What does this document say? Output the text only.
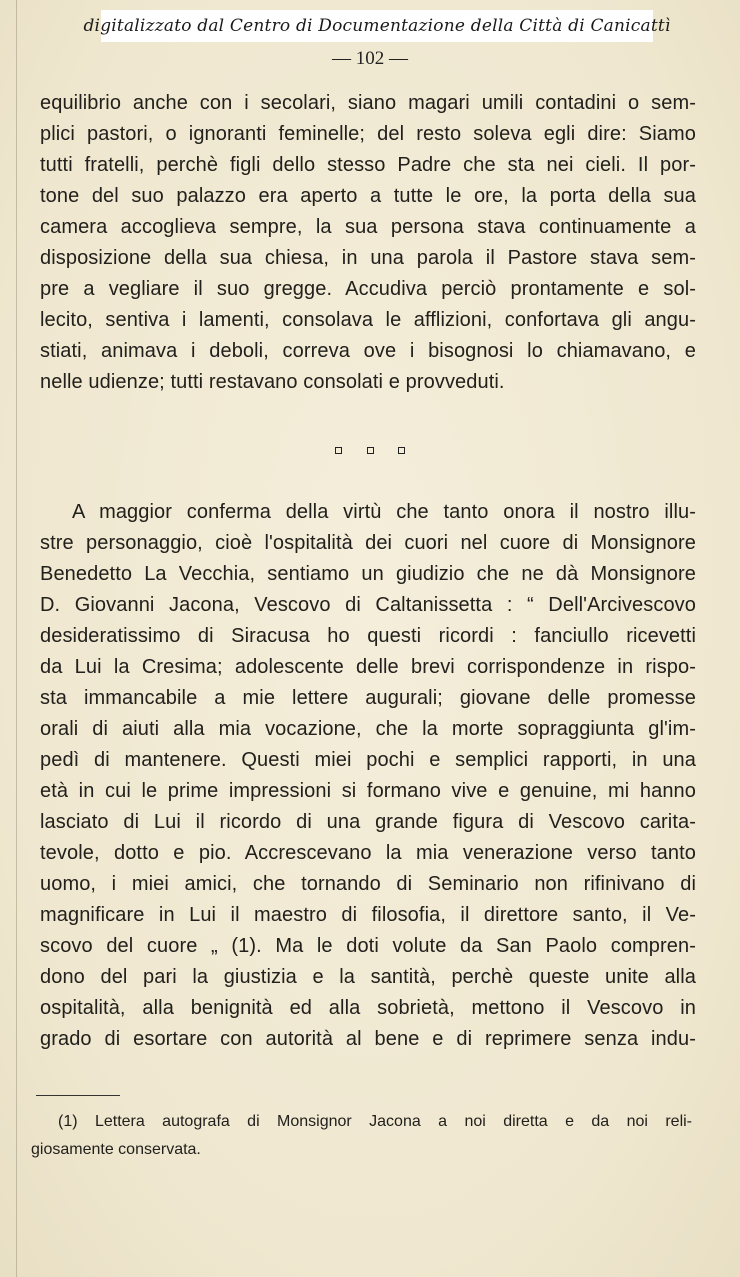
digitalizzato dal Centro di Documentazione della Città di Canicattì
— 102 —
equilibrio anche con i secolari, siano magari umili contadini o sem-
plici pastori, o ignoranti feminelle; del resto soleva egli dire: Siamo
tutti fratelli, perchè figli dello stesso Padre che sta nei cieli. Il por-
tone del suo palazzo era aperto a tutte le ore, la porta della sua
camera accoglieva sempre, la sua persona stava continuamente a
disposizione della sua chiesa, in una parola il Pastore stava sem-
pre a vegliare il suo gregge. Accudiva perciò prontamente e sol-
lecito, sentiva i lamenti, consolava le afflizioni, confortava gli angu-
stiati, animava i deboli, correva ove i bisognosi lo chiamavano, e
nelle udienze; tutti restavano consolati e provveduti.
A maggior conferma della virtù che tanto onora il nostro illu-
stre personaggio, cioè l'ospitalità dei cuori nel cuore di Monsignore
Benedetto La Vecchia, sentiamo un giudizio che ne dà Monsignore
D. Giovanni Jacona, Vescovo di Caltanissetta : “ Dell'Arcivescovo
desideratissimo di Siracusa ho questi ricordi : fanciullo ricevetti
da Lui la Cresima; adolescente delle brevi corrispondenze in rispo-
sta immancabile a mie lettere augurali; giovane delle promesse
orali di aiuti alla mia vocazione, che la morte sopraggiunta gl'im-
pedì di mantenere. Questi miei pochi e semplici rapporti, in una
età in cui le prime impressioni si formano vive e genuine, mi hanno
lasciato di Lui il ricordo di una grande figura di Vescovo carita-
tevole, dotto e pio. Accrescevano la mia venerazione verso tanto
uomo, i miei amici, che tornando di Seminario non rifinivano di
magnificare in Lui il maestro di filosofia, il direttore santo, il Ve-
scovo del cuore „ (1). Ma le doti volute da San Paolo compren-
dono del pari la giustizia e la santità, perchè queste unite alla
ospitalità, alla benignità ed alla sobrietà, mettono il Vescovo in
grado di esortare con autorità al bene e di reprimere senza indu-
(1) Lettera autografa di Monsignor Jacona a noi diretta e da noi reli-
giosamente conservata.
